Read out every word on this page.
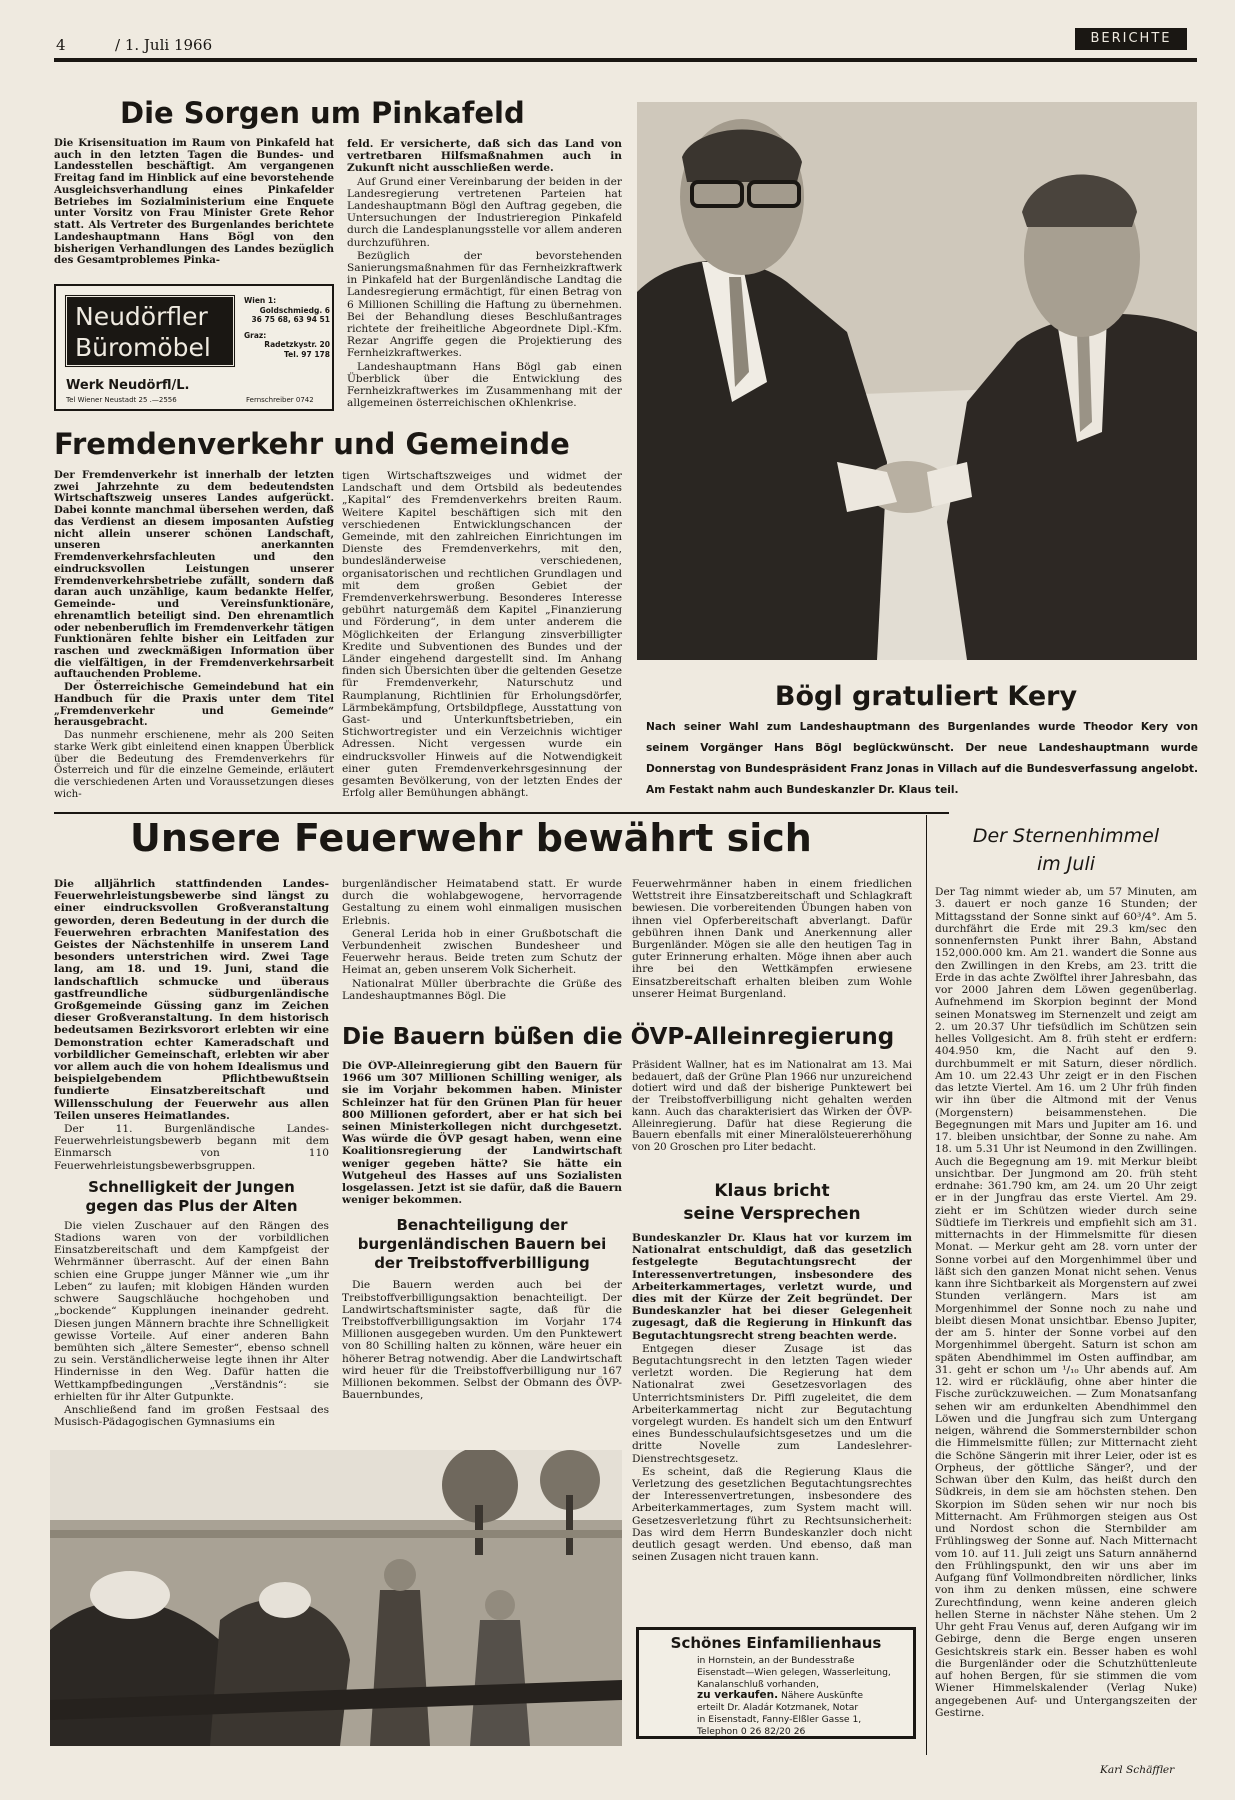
4	/ 1. Juli 1966	BERICHTE
Die Sorgen um Pinkafeld

Die Krisensituation im Raum von Pinkafeld hat auch in den letzten Tagen die Bundes- und Landesstellen beschäftigt. Am vergangenen Freitag fand im Hinblick auf eine bevorstehende Ausgleichsverhandlung eines Pinkafelder Betriebes im Sozialministerium eine Enquete unter Vorsitz von Frau Minister Grete Rehor statt. Als Vertreter des Burgenlandes berichtete Landeshauptmann Hans Bögl von den bisherigen Verhandlungen des Landes bezüglich des Gesamtproblemes Pinka-

feld. Er versicherte, daß sich das Land von vertretbaren Hilfsmaßnahmen auch in Zukunft nicht ausschließen werde.

Auf Grund einer Vereinbarung der beiden in der Landesregierung vertretenen Parteien hat Landeshauptmann Bögl den Auftrag gegeben, die Untersuchungen der Industrieregion Pinkafeld durch die Landesplanungsstelle vor allem anderen durchzuführen.

Bezüglich der bevorstehenden Sanierungsmaßnahmen für das Fernheizkraftwerk in Pinkafeld hat der Burgenländische Landtag die Landesregierung ermächtigt, für einen Betrag von 6 Millionen Schilling die Haftung zu übernehmen. Bei der Behandlung dieses Beschlußantrages richtete der freiheitliche Abgeordnete Dipl.-Kfm. Rezar Angriffe gegen die Projektierung des Fernheizkraftwerkes.

Landeshauptmann Hans Bögl gab einen Überblick über die Entwicklung des Fernheizkraftwerkes im Zusammenhang mit der allgemeinen österreichischen oKhlenkrise.

Neudörfler
Büromöbel
Wien 1:
Goldschmiedg. 6
36 75 68, 63 94 51
Graz:
Radetzkystr. 20
Tel. 97 178
Werk Neudörfl/L.
Tel Wiener Neustadt 25 .—2556	Fernschreiber 0742
Fremdenverkehr und Gemeinde

Der Fremdenverkehr ist innerhalb der letzten zwei Jahrzehnte zu dem bedeutendsten Wirtschaftszweig unseres Landes aufgerückt. Dabei konnte manchmal übersehen werden, daß das Verdienst an diesem imposanten Aufstieg nicht allein unserer schönen Landschaft, unseren anerkannten Fremdenverkehrsfachleuten und den eindrucksvollen Leistungen unserer Fremdenverkehrsbetriebe zufällt, sondern daß daran auch unzählige, kaum bedankte Helfer, Gemeinde- und Vereinsfunktionäre, ehrenamtlich beteiligt sind. Den ehrenamtlich oder nebenberuflich im Fremdenverkehr tätigen Funktionären fehlte bisher ein Leitfaden zur raschen und zweckmäßigen Information über die vielfältigen, in der Fremdenverkehrsarbeit auftauchenden Probleme.

Der Österreichische Gemeindebund hat ein Handbuch für die Praxis unter dem Titel „Fremdenverkehr und Gemeinde“ herausgebracht.

Das nunmehr erschienene, mehr als 200 Seiten starke Werk gibt einleitend einen knappen Überblick über die Bedeutung des Fremdenverkehrs für Österreich und für die einzelne Gemeinde, erläutert die verschiedenen Arten und Voraussetzungen dieses wich-

tigen Wirtschaftszweiges und widmet der Landschaft und dem Ortsbild als bedeutendes „Kapital“ des Fremdenverkehrs breiten Raum. Weitere Kapitel beschäftigen sich mit den verschiedenen Entwicklungschancen der Gemeinde, mit den zahlreichen Einrichtungen im Dienste des Fremdenverkehrs, mit den, bundesländerweise verschiedenen, organisatorischen und rechtlichen Grundlagen und mit dem großen Gebiet der Fremdenverkehrswerbung. Besonderes Interesse gebührt naturgemäß dem Kapitel „Finanzierung und Förderung“, in dem unter anderem die Möglichkeiten der Erlangung zinsverbilligter Kredite und Subventionen des Bundes und der Länder eingehend dargestellt sind. Im Anhang finden sich Übersichten über die geltenden Gesetze für Fremdenverkehr, Naturschutz und Raumplanung, Richtlinien für Erholungsdörfer, Lärmbekämpfung, Ortsbildpflege, Ausstattung von Gast- und Unterkunftsbetrieben, ein Stichwortregister und ein Verzeichnis wichtiger Adressen. Nicht vergessen wurde ein eindrucksvoller Hinweis auf die Notwendigkeit einer guten Fremdenverkehrsgesinnung der gesamten Bevölkerung, von der letzten Endes der Erfolg aller Bemühungen abhängt.

Bögl gratuliert Kery
Nach seiner Wahl zum Landeshauptmann des Burgenlandes wurde Theodor Kery von seinem Vorgänger Hans Bögl beglückwünscht. Der neue Landeshauptmann wurde Donnerstag von Bundespräsident Franz Jonas in Villach auf die Bundesverfassung angelobt. Am Festakt nahm auch Bundeskanzler Dr. Klaus teil.
Unsere Feuerwehr bewährt sich

Die alljährlich stattfindenden Landes-Feuerwehrleistungsbewerbe sind längst zu einer eindrucksvollen Großveranstaltung geworden, deren Bedeutung in der durch die Feuerwehren erbrachten Manifestation des Geistes der Nächstenhilfe in unserem Land besonders unterstrichen wird. Zwei Tage lang, am 18. und 19. Juni, stand die landschaftlich schmucke und überaus gastfreundliche südburgenländische Großgemeinde Güssing ganz im Zeichen dieser Großveranstaltung. In dem historisch bedeutsamen Bezirksvorort erlebten wir eine Demonstration echter Kameradschaft und vorbildlicher Gemeinschaft, erlebten wir aber vor allem auch die von hohem Idealismus und beispielgebendem Pflichtbewußtsein fundierte Einsatzbereitschaft und Willensschulung der Feuerwehr aus allen Teilen unseres Heimatlandes.

Der 11. Burgenländische Landes-Feuerwehrleistungsbewerb begann mit dem Einmarsch von 110 Feuerwehrleistungsbewerbsgruppen.

Schnelligkeit der Jungen gegen das Plus der Alten

Die vielen Zuschauer auf den Rängen des Stadions waren von der vorbildlichen Einsatzbereitschaft und dem Kampfgeist der Wehrmänner überrascht. Auf der einen Bahn schien eine Gruppe junger Männer wie „um ihr Leben“ zu laufen; mit klobigen Händen wurden schwere Saugschläuche hochgehoben und „bockende“ Kupplungen ineinander gedreht. Diesen jungen Männern brachte ihre Schnelligkeit gewisse Vorteile. Auf einer anderen Bahn bemühten sich „ältere Semester“, ebenso schnell zu sein. Verständlicherweise legte ihnen ihr Alter Hindernisse in den Weg. Dafür hatten die Wettkampfbedingungen „Verständnis“: sie erhielten für ihr Alter Gutpunkte.

Anschließend fand im großen Festsaal des Musisch-Pädagogischen Gymnasiums ein

burgenländischer Heimatabend statt. Er wurde durch die wohlabgewogene, hervorragende Gestaltung zu einem wohl einmaligen musischen Erlebnis.

General Lerida hob in einer Grußbotschaft die Verbundenheit zwischen Bundesheer und Feuerwehr heraus. Beide treten zum Schutz der Heimat an, geben unserem Volk Sicherheit.

Nationalrat Müller überbrachte die Grüße des Landeshauptmannes Bögl. Die

Feuerwehrmänner haben in einem friedlichen Wettstreit ihre Einsatzbereitschaft und Schlagkraft bewiesen. Die vorbereitenden Übungen haben von ihnen viel Opferbereitschaft abverlangt. Dafür gebühren ihnen Dank und Anerkennung aller Burgenländer. Mögen sie alle den heutigen Tag in guter Erinnerung erhalten. Möge ihnen aber auch ihre bei den Wettkämpfen erwiesene Einsatzbereitschaft erhalten bleiben zum Wohle unserer Heimat Burgenland.

Die Bauern büßen die ÖVP-Alleinregierung

Die ÖVP-Alleinregierung gibt den Bauern für 1966 um 307 Millionen Schilling weniger, als sie im Vorjahr bekommen haben. Minister Schleinzer hat für den Grünen Plan für heuer 800 Millionen gefordert, aber er hat sich bei seinen Ministerkollegen nicht durchgesetzt. Was würde die ÖVP gesagt haben, wenn eine Koalitionsregierung der Landwirtschaft weniger gegeben hätte? Sie hätte ein Wutgeheul des Hasses auf uns Sozialisten losgelassen. Jetzt ist sie dafür, daß die Bauern weniger bekommen.

Benachteiligung der burgenländischen Bauern bei der Treibstoffverbilligung

Die Bauern werden auch bei der Treibstoffverbilligungsaktion benachteiligt. Der Landwirtschaftsminister sagte, daß für die Treibstoffverbilligungsaktion im Vorjahr 174 Millionen ausgegeben wurden. Um den Punktewert von 80 Schilling halten zu können, wäre heuer ein höherer Betrag notwendig. Aber die Landwirtschaft wird heuer für die Treibstoffverbilligung nur 167 Millionen bekommen. Selbst der Obmann des ÖVP-Bauernbundes,

Präsident Wallner, hat es im Nationalrat am 13. Mai bedauert, daß der Grüne Plan 1966 nur unzureichend dotiert wird und daß der bisherige Punktewert bei der Treibstoffverbilligung nicht gehalten werden kann. Auch das charakterisiert das Wirken der ÖVP-Alleinregierung. Dafür hat diese Regierung die Bauern ebenfalls mit einer Mineralölsteuererhöhung von 20 Groschen pro Liter bedacht.

Klaus bricht
seine Versprechen

Bundeskanzler Dr. Klaus hat vor kurzem im Nationalrat entschuldigt, daß das gesetzlich festgelegte Begutachtungsrecht der Interessenvertretungen, insbesondere des Arbeiterkammertages, verletzt wurde, und dies mit der Kürze der Zeit begründet. Der Bundeskanzler hat bei dieser Gelegenheit zugesagt, daß die Regierung in Hinkunft das Begutachtungsrecht streng beachten werde.

Entgegen dieser Zusage ist das Begutachtungsrecht in den letzten Tagen wieder verletzt worden. Die Regierung hat dem Nationalrat zwei Gesetzesvorlagen des Unterrichtsministers Dr. Piffl zugeleitet, die dem Arbeiterkammertag nicht zur Begutachtung vorgelegt wurden. Es handelt sich um den Entwurf eines Bundesschulaufsichtsgesetzes und um die dritte Novelle zum Landeslehrer-Dienstrechtsgesetz.

Es scheint, daß die Regierung Klaus die Verletzung des gesetzlichen Begutachtungsrechtes der Interessenvertretungen, insbesondere des Arbeiterkammertages, zum System macht will. Gesetzesverletzung führt zu Rechtsunsicherheit: Das wird dem Herrn Bundeskanzler doch nicht deutlich gesagt werden. Und ebenso, daß man seinen Zusagen nicht trauen kann.

Schönes Einfamilienhaus
in Hornstein, an der Bundesstraße
Eisenstadt—Wien gelegen, Wasserleitung, Kanalanschluß vorhanden,
zu verkaufen. Nähere Auskünfte
erteilt Dr. Aladár Kotzmanek, Notar
in Eisenstadt, Fanny-Elßler Gasse 1,
Telephon 0 26 82/20 26
Der Sternenhimmel
im Juli

Der Tag nimmt wieder ab, um 57 Minuten, am 3. dauert er noch ganze 16 Stunden; der Mittagsstand der Sonne sinkt auf 60³/4°. Am 5. durchfährt die Erde mit 29.3 km/sec den sonnenfernsten Punkt ihrer Bahn, Abstand 152,000.000 km. Am 21. wandert die Sonne aus den Zwillingen in den Krebs, am 23. tritt die Erde in das achte Zwölftel ihrer Jahresbahn, das vor 2000 Jahren dem Löwen gegenüberlag. Aufnehmend im Skorpion beginnt der Mond seinen Monatsweg im Sternenzelt und zeigt am 2. um 20.37 Uhr tiefsüdlich im Schützen sein helles Vollgesicht. Am 8. früh steht er erdfern: 404.950 km, die Nacht auf den 9. durchbummelt er mit Saturn, dieser nördlich. Am 10. um 22.43 Uhr zeigt er in den Fischen das letzte Viertel. Am 16. um 2 Uhr früh finden wir ihn über die Altmond mit der Venus (Morgenstern) beisammenstehen. Die Begegnungen mit Mars und Jupiter am 16. und 17. bleiben unsichtbar, der Sonne zu nahe. Am 18. um 5.31 Uhr ist Neumond in den Zwillingen. Auch die Begegnung am 19. mit Merkur bleibt unsichtbar. Der Jungmond am 20. früh steht erdnahe: 361.790 km, am 24. um 20 Uhr zeigt er in der Jungfrau das erste Viertel. Am 29. zieht er im Schützen wieder durch seine Südtiefe im Tierkreis und empfiehlt sich am 31. mitternachts in der Himmelsmitte für diesen Monat. — Merkur geht am 28. vorn unter der Sonne vorbei auf den Morgenhimmel über und läßt sich den ganzen Monat nicht sehen. Venus kann ihre Sichtbarkeit als Morgenstern auf zwei Stunden verlängern. Mars ist am Morgenhimmel der Sonne noch zu nahe und bleibt diesen Monat unsichtbar. Ebenso Jupiter, der am 5. hinter der Sonne vorbei auf den Morgenhimmel übergeht. Saturn ist schon am späten Abendhimmel im Osten auffindbar, am 31. geht er schon um ¹/₁₀ Uhr abends auf. Am 12. wird er rückläufig, ohne aber hinter die Fische zurückzuweichen. — Zum Monatsanfang sehen wir am erdunkelten Abendhimmel den Löwen und die Jungfrau sich zum Untergang neigen, während die Sommersternbilder schon die Himmelsmitte füllen; zur Mitternacht zieht die Schöne Sängerin mit ihrer Leier, oder ist es Orpheus, der göttliche Sänger?, und der Schwan über den Kulm, das heißt durch den Südkreis, in dem sie am höchsten stehen. Den Skorpion im Süden sehen wir nur noch bis Mitternacht. Am Frühmorgen steigen aus Ost und Nordost schon die Sternbilder am Frühlingsweg der Sonne auf. Nach Mitternacht vom 10. auf 11. Juli zeigt uns Saturn annähernd den Frühlingspunkt, den wir uns aber im Aufgang fünf Vollmondbreiten nördlicher, links von ihm zu denken müssen, eine schwere Zurechtfindung, wenn keine anderen gleich hellen Sterne in nächster Nähe stehen. Um 2 Uhr geht Frau Venus auf, deren Aufgang wir im Gebirge, denn die Berge engen unseren Gesichtskreis stark ein. Besser haben es wohl die Burgenländer oder die Schutzhüttenleute auf hohen Bergen, für sie stimmen die vom Wiener Himmelskalender (Verlag Nuke) angegebenen Auf- und Untergangszeiten der Gestirne.

Karl Schäffler
